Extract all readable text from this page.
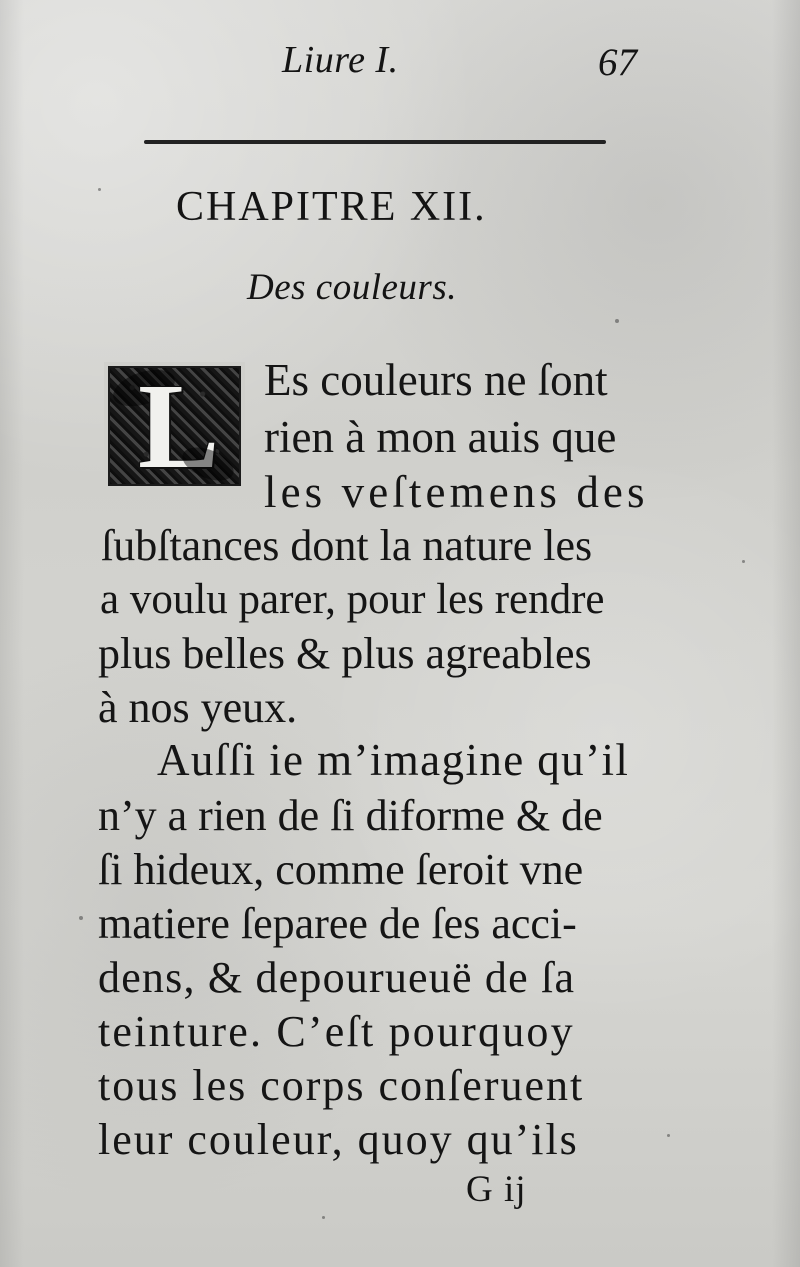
Liure I.	67
CHAPITRE XII.
Des couleurs.
L Es couleurs ne ſont
rien à mon auis que
les veſtemens des
ſubſtances dont la nature les
a voulu parer, pour les rendre
plus belles & plus agreables
à nos yeux.
Auſſi ie m’imagine qu’il
n’y a rien de ſi diforme & de
ſi hideux, comme ſeroit vne
matiere ſeparee de ſes acci-
dens, & depourueuë de ſa
teinture. C’eſt pourquoy
tous les corps conſeruent
leur couleur, quoy qu’ils
G ij
